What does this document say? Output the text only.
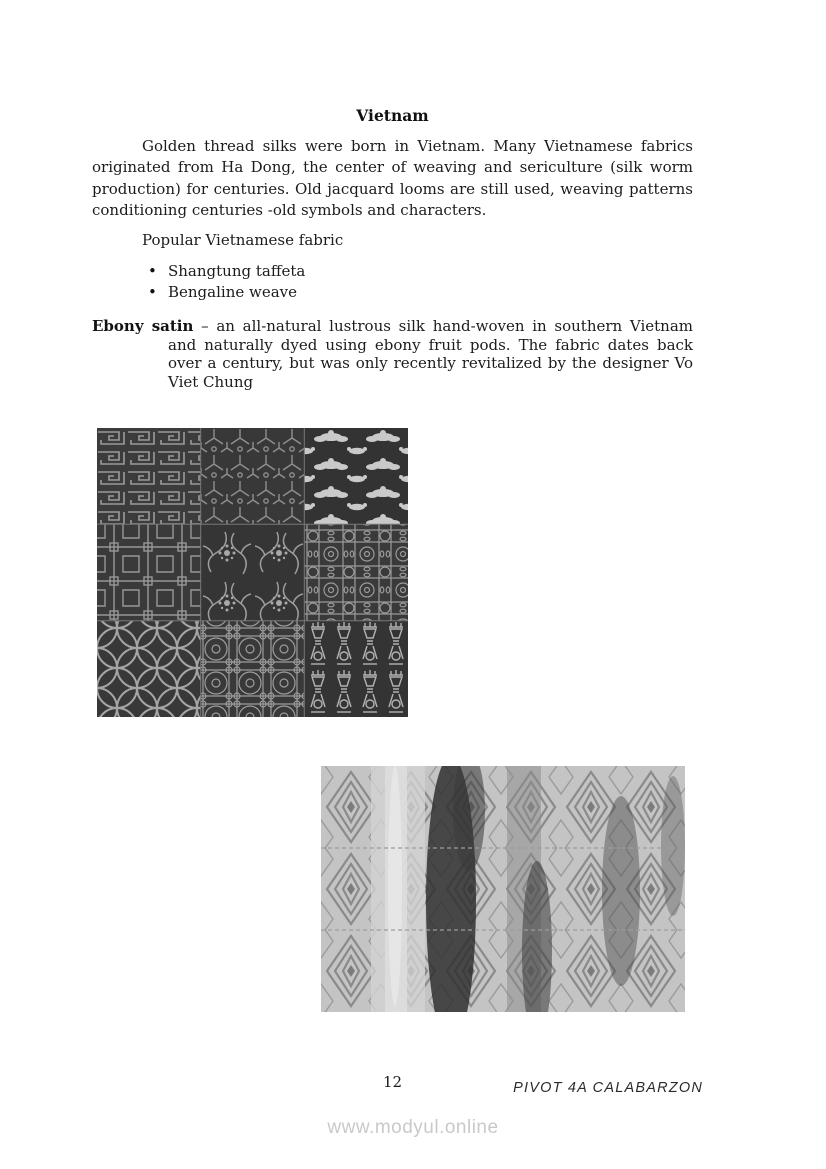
Vietnam

Golden thread silks were born in Vietnam. Many Vietnamese fabrics originated from Ha Dong, the center of weaving and sericulture (silk worm production) for centuries. Old jacquard looms are still used, weaving patterns conditioning centuries -old symbols and characters.

Popular Vietnamese fabric

• Shangtung taffeta
• Bengaline weave

Ebony satin – an all-natural lustrous silk hand-woven in southern Vietnam and naturally dyed using ebony fruit pods. The fabric dates back over a century, but was only recently revitalized by the designer Vo Viet Chung

12	PIVOT 4A CALABARZON
www.modyul.online
